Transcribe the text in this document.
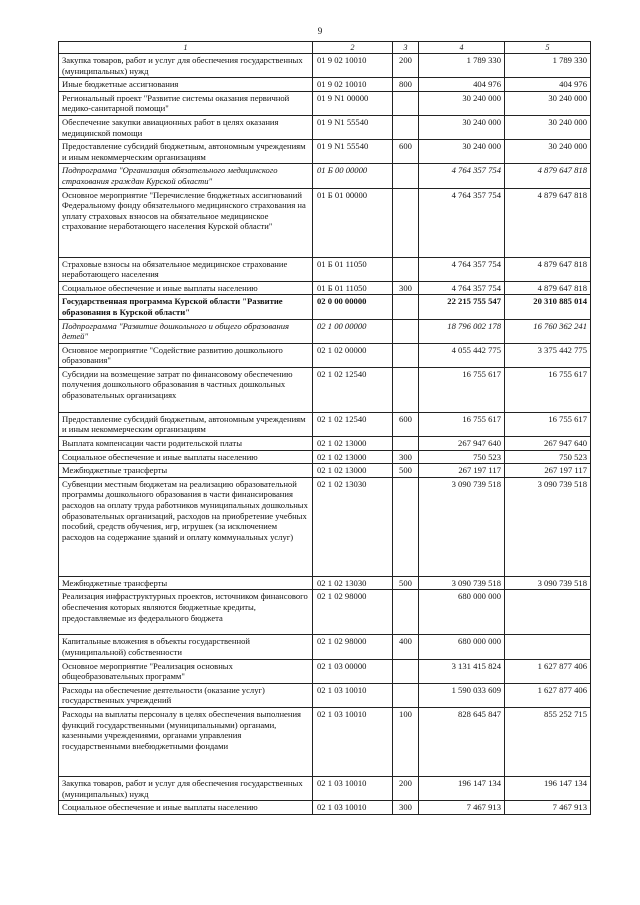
9
1	2	3	4	5
Закупка товаров, работ и услуг для обеспечения государственных (муниципальных) нужд	01 9 02 10010	200	1 789 330	1 789 330
Иные бюджетные ассигнования	01 9 02 10010	800	404 976	404 976
Региональный проект "Развитие системы оказания первичной медико-санитарной помощи"	01 9 N1 00000		30 240 000	30 240 000
Обеспечение закупки авиационных работ в целях оказания медицинской помощи	01 9 N1 55540		30 240 000	30 240 000
Предоставление субсидий бюджетным, автономным учреждениям и иным некоммерческим организациям	01 9 N1 55540	600	30 240 000	30 240 000
Подпрограмма "Организация обязательного медицинского страхования граждан Курской области"	01 Б 00 00000		4 764 357 754	4 879 647 818
Основное мероприятие "Перечисление бюджетных ассигнований Федеральному фонду обязательного медицинского страхования на уплату страховых взносов на обязательное медицинское страхование неработающего населения Курской области"	01 Б 01 00000		4 764 357 754	4 879 647 818
Страховые взносы на обязательное медицинское страхование неработающего населения	01 Б 01 11050		4 764 357 754	4 879 647 818
Социальное обеспечение и иные выплаты населению	01 Б 01 11050	300	4 764 357 754	4 879 647 818
Государственная программа Курской области "Развитие образования в Курской области"	02 0 00 00000		22 215 755 547	20 310 885 014
Подпрограмма "Развитие дошкольного и общего образования детей"	02 1 00 00000		18 796 002 178	16 760 362 241
Основное мероприятие "Содействие развитию дошкольного образования"	02 1 02 00000		4 055 442 775	3 375 442 775
Субсидии на возмещение затрат по финансовому обеспечению получения дошкольного образования в частных дошкольных образовательных организациях	02 1 02 12540		16 755 617	16 755 617
Предоставление субсидий бюджетным, автономным учреждениям и иным некоммерческим организациям	02 1 02 12540	600	16 755 617	16 755 617
Выплата компенсации части родительской платы	02 1 02 13000		267 947 640	267 947 640
Социальное обеспечение и иные выплаты населению	02 1 02 13000	300	750 523	750 523
Межбюджетные трансферты	02 1 02 13000	500	267 197 117	267 197 117
Субвенции местным бюджетам на реализацию образовательной программы дошкольного образования в части финансирования расходов на оплату труда работников муниципальных дошкольных образовательных организаций, расходов на приобретение учебных пособий, средств обучения, игр, игрушек (за исключением расходов на содержание зданий и оплату коммунальных услуг)	02 1 02 13030		3 090 739 518	3 090 739 518
Межбюджетные трансферты	02 1 02 13030	500	3 090 739 518	3 090 739 518
Реализация инфраструктурных проектов, источником финансового обеспечения которых являются бюджетные кредиты, предоставляемые из федерального бюджета	02 1 02 98000		680 000 000	
Капитальные вложения в объекты государственной (муниципальной) собственности	02 1 02 98000	400	680 000 000	
Основное мероприятие "Реализация основных общеобразовательных программ"	02 1 03 00000		3 131 415 824	1 627 877 406
Расходы на обеспечение деятельности (оказание услуг) государственных учреждений	02 1 03 10010		1 590 033 609	1 627 877 406
Расходы на выплаты персоналу в целях обеспечения выполнения функций государственными (муниципальными) органами, казенными учреждениями, органами управления государственными внебюджетными фондами	02 1 03 10010	100	828 645 847	855 252 715
Закупка товаров, работ и услуг для обеспечения государственных (муниципальных) нужд	02 1 03 10010	200	196 147 134	196 147 134
Социальное обеспечение и иные выплаты населению	02 1 03 10010	300	7 467 913	7 467 913
